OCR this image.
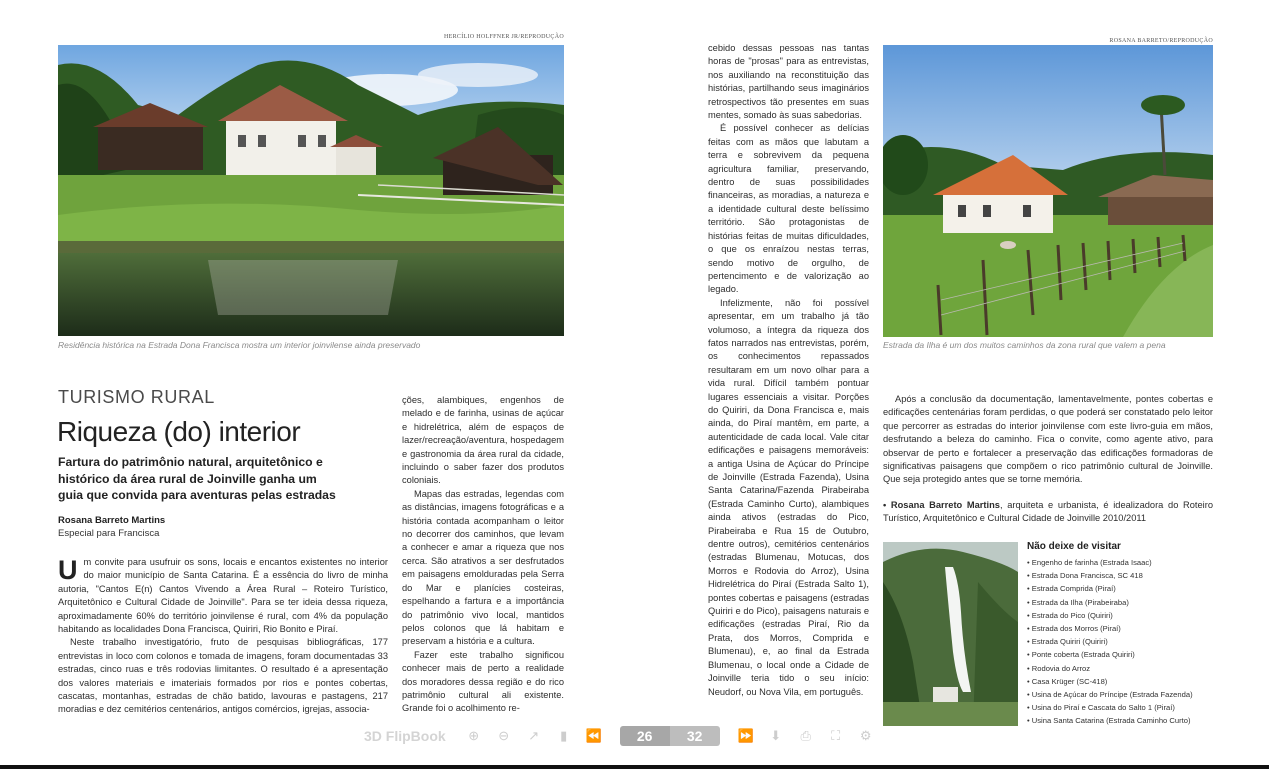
HERCÍLIO HOLFFNER JR/REPRODUÇÃO
Residência histórica na Estrada Dona Francisca mostra um interior joinvilense ainda preservado
TURISMO RURAL
Riqueza (do) interior
Fartura do patrimônio natural, arquitetônico e histórico da área rural de Joinville ganha um guia que convida para aventuras pelas estradas
Rosana Barreto Martins
Especial para Francisca

Um convite para usufruir os sons, locais e encantos existentes no interior do maior município de Santa Catarina. É a essência do livro de minha autoria, "Cantos E(n) Cantos Vivendo a Área Rural – Roteiro Turístico, Arquitetônico e Cultural Cidade de Joinville". Para se ter ideia dessa riqueza, aproximadamente 60% do território joinvilense é rural, com 4% da população habitando as localidades Dona Francisca, Quiriri, Rio Bonito e Piraí.

Neste trabalho investigatório, fruto de pesquisas bibliográficas, 177 entrevistas in loco com colonos e tomada de imagens, foram documentadas 33 estradas, cinco ruas e três rodovias limitantes. O resultado é a apresentação dos valores materiais e imateriais formados por rios e pontes cobertas, cascatas, montanhas, estradas de chão batido, lavouras e pastagens, 217 moradias e dez cemitérios centenários, antigos comércios, igrejas, associa-

ções, alambiques, engenhos de melado e de farinha, usinas de açúcar e hidrelétrica, além de espaços de lazer/recreação/aventura, hospedagem e gastronomia da área rural da cidade, incluindo o saber fazer dos produtos coloniais.

Mapas das estradas, legendas com as distâncias, imagens fotográficas e a história contada acompanham o leitor no decorrer dos caminhos, que levam a conhecer e amar a riqueza que nos cerca. São atrativos a ser desfrutados em paisagens emolduradas pela Serra do Mar e planícies costeiras, espelhando a fartura e a importância do patrimônio vivo local, mantidos pelos colonos que lá habitam e preservam a história e a cultura.

Fazer este trabalho significou conhecer mais de perto a realidade dos moradores dessa região e do rico patrimônio cultural ali existente. Grande foi o acolhimento re-

ROSANA BARRETO/REPRODUÇÃO

cebido dessas pessoas nas tantas horas de "prosas" para as entrevistas, nos auxiliando na reconstituição das histórias, partilhando seus imaginários retrospectivos tão presentes em suas mentes, somado às suas sabedorias.

É possível conhecer as delícias feitas com as mãos que labutam a terra e sobrevivem da pequena agricultura familiar, preservando, dentro de suas possibilidades financeiras, as moradias, a natureza e a identidade cultural deste belíssimo território. São protagonistas de histórias feitas de muitas dificuldades, o que os enraízou nestas terras, sendo motivo de orgulho, de pertencimento e de valorização ao legado.

Infelizmente, não foi possível apresentar, em um trabalho já tão volumoso, a íntegra da riqueza dos fatos narrados nas entrevistas, porém, os conhecimentos repassados resultaram em um novo olhar para a vida rural. Difícil também pontuar lugares essenciais a visitar. Porções do Quiriri, da Dona Francisca e, mais ainda, do Piraí mantêm, em parte, a autenticidade de cada local. Vale citar edificações e paisagens memoráveis: a antiga Usina de Açúcar do Príncipe de Joinville (Estrada Fazenda), Usina Santa Catarina/Fazenda Pirabeiraba (Estrada Caminho Curto), alambiques ainda ativos (estradas do Pico, Pirabeiraba e Rua 15 de Outubro, dentre outros), cemitérios centenários (estradas Blumenau, Motucas, dos Morros e Rodovia do Arroz), Usina Hidrelétrica do Piraí (Estrada Salto 1), pontes cobertas e paisagens (estradas Quiriri e do Pico), paisagens naturais e edificações (estradas Piraí, Rio da Prata, dos Morros, Comprida e Blumenau), e, ao final da Estrada Blumenau, o local onde a Cidade de Joinville teria tido o seu início: Neudorf, ou Nova Vila, em português.

Estrada da Ilha é um dos muitos caminhos da zona rural que valem a pena

Após a conclusão da documentação, lamentavelmente, pontes cobertas e edificações centenárias foram perdidas, o que poderá ser constatado pelo leitor que percorrer as estradas do interior joinvilense com este livro-guia em mãos, desfrutando a beleza do caminho. Fica o convite, como agente ativo, para observar de perto e fortalecer a preservação das edificações formadoras de significativas paisagens que compõem o rico patrimônio cultural de Joinville. Que seja protegido antes que se torne memória.

• Rosana Barreto Martins, arquiteta e urbanista, é idealizadora do Roteiro Turístico, Arquitetônico e Cultural Cidade de Joinville 2010/2011

Não deixe de visitar
• Engenho de farinha (Estrada Isaac)
• Estrada Dona Francisca, SC 418
• Estrada Comprida (Piraí)
• Estrada da Ilha (Pirabeiraba)
• Estrada do Pico (Quiriri)
• Estrada dos Morros (Piraí)
• Estrada Quiriri (Quiriri)
• Ponte coberta (Estrada Quiriri)
• Rodovia do Arroz
• Casa Krüger (SC-418)
• Usina de Açúcar do Príncipe (Estrada Fazenda)
• Usina do Piraí e Cascata do Salto 1 (Piraí)
• Usina Santa Catarina (Estrada Caminho Curto)
3D FlipBook ⊕ ⊖ ↗	▮	⏪	26	32	⏩ ⬇ ⎙ ⛶ ⚙
